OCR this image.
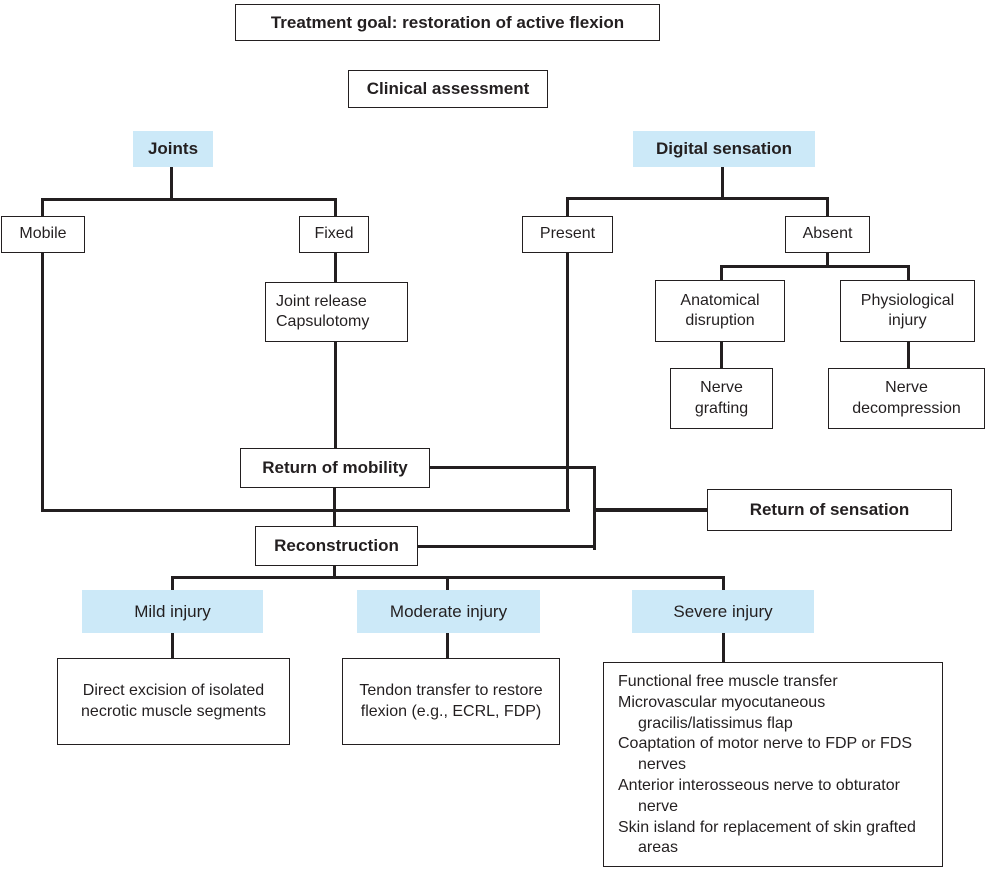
Treatment goal: restoration of active flexion
Clinical assessment
Joints	Digital sensation
Mobile	Fixed	Present	Absent
Joint release
Capsulotomy
Anatomical disruption
Physiological injury
Nerve grafting
Nerve decompression
Return of mobility
Return of sensation
Reconstruction
Mild injury	Moderate injury	Severe injury
Direct excision of isolated necrotic muscle segments
Tendon transfer to restore flexion (e.g., ECRL, FDP)
Functional free muscle transfer
Microvascular myocutaneous gracilis/latissimus flap
Coaptation of motor nerve to FDP or FDS nerves
Anterior interosseous nerve to obturator nerve
Skin island for replacement of skin grafted areas
